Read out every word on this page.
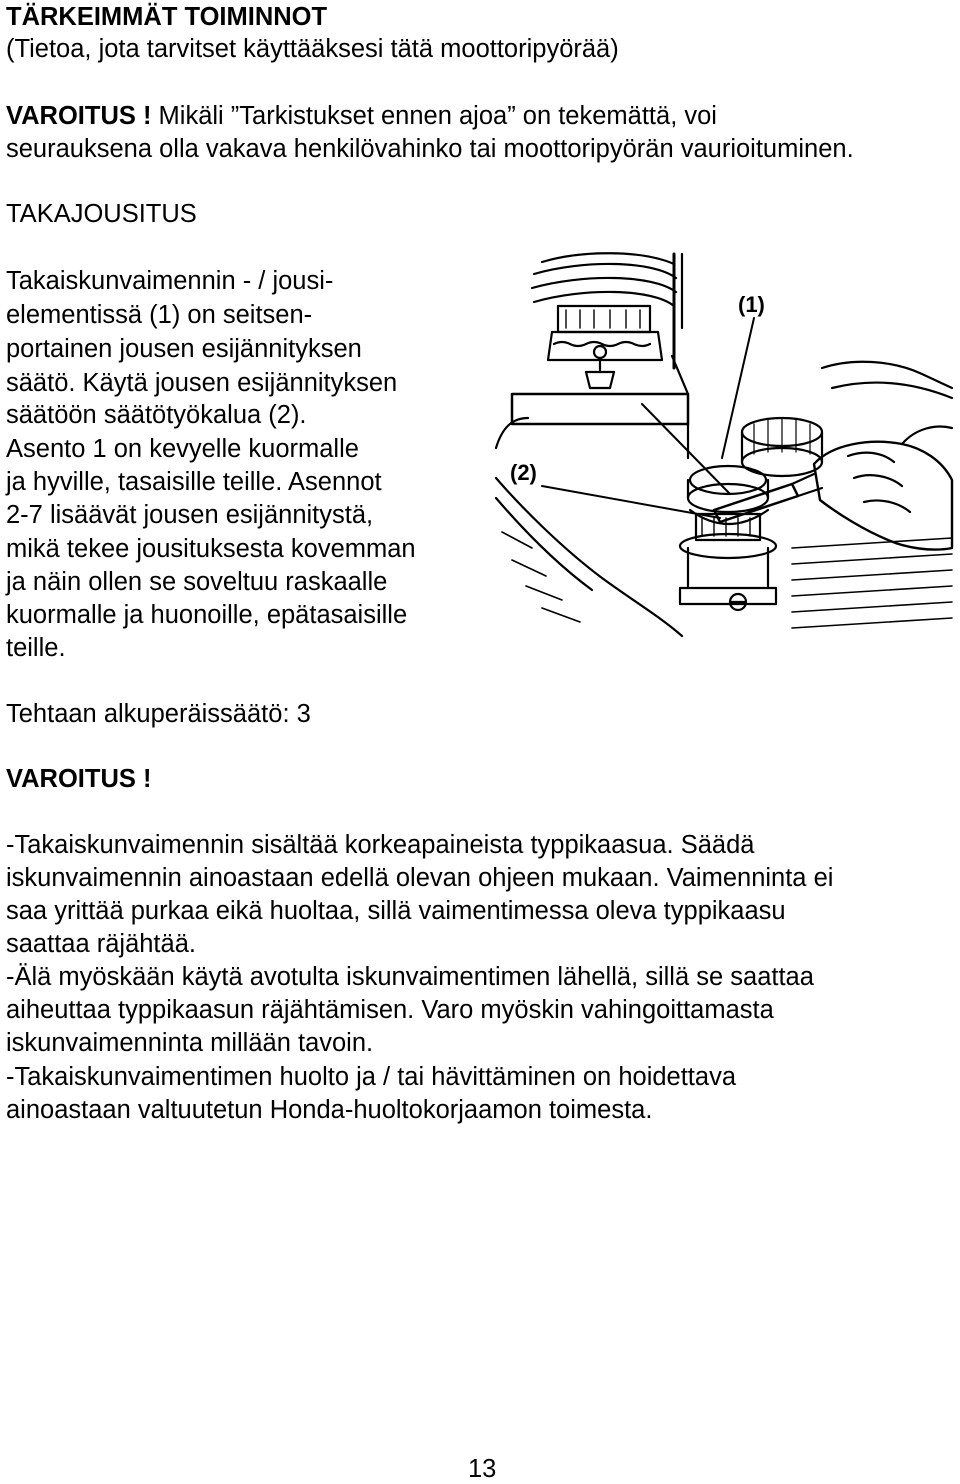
TÄRKEIMMÄT TOIMINNOT
(Tietoa, jota tarvitset käyttääksesi tätä moottoripyörää)
VAROITUS ! Mikäli ”Tarkistukset ennen ajoa” on tekemättä, voi
seurauksena olla vakava henkilövahinko tai moottoripyörän vaurioituminen.
TAKAJOUSITUS
Takaiskunvaimennin - / jousi-
elementissä (1) on seitsen-
portainen jousen esijännityksen
säätö. Käytä jousen esijännityksen
säätöön säätötyökalua (2).
Asento 1 on kevyelle kuormalle
ja hyville, tasaisille teille. Asennot
2-7 lisäävät jousen esijännitystä,
mikä tekee jousituksesta kovemman
ja näin ollen se soveltuu raskaalle
kuormalle ja huonoille, epätasaisille
teille.
Tehtaan alkuperäissäätö: 3
VAROITUS !
-Takaiskunvaimennin sisältää korkeapaineista typpikaasua. Säädä
iskunvaimennin ainoastaan edellä olevan ohjeen mukaan. Vaimenninta ei
saa yrittää purkaa eikä huoltaa, sillä vaimentimessa oleva typpikaasu
saattaa räjähtää.
-Älä myöskään käytä avotulta iskunvaimentimen lähellä, sillä se saattaa
aiheuttaa typpikaasun räjähtämisen. Varo myöskin vahingoittamasta
iskunvaimenninta millään tavoin.
-Takaiskunvaimentimen huolto ja / tai hävittäminen on hoidettava
ainoastaan valtuutetun Honda-huoltokorjaamon toimesta.
(1)
(2)
13
